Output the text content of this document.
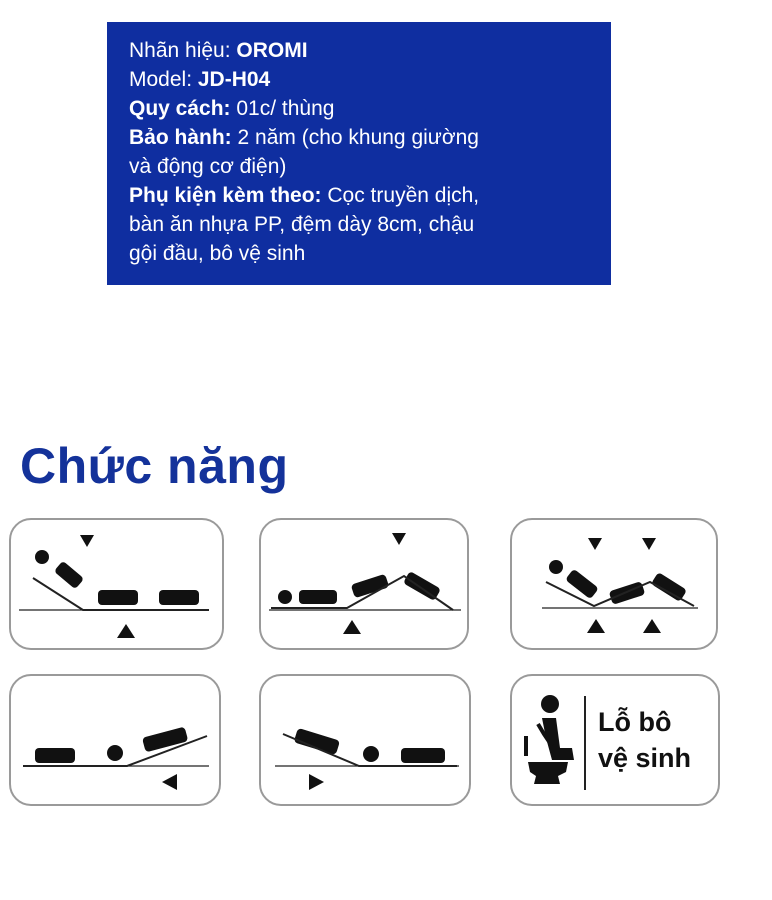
Nhãn hiệu: OROMI
Model: JD-H04
Quy cách: 01c/ thùng
Bảo hành: 2 năm (cho khung giường
và động cơ điện)
Phụ kiện kèm theo: Cọc truyền dịch,
bàn ăn nhựa PP, đệm dày 8cm, chậu
gội đầu, bô vệ sinh
Chức năng
Lỗ bô
vệ sinh
